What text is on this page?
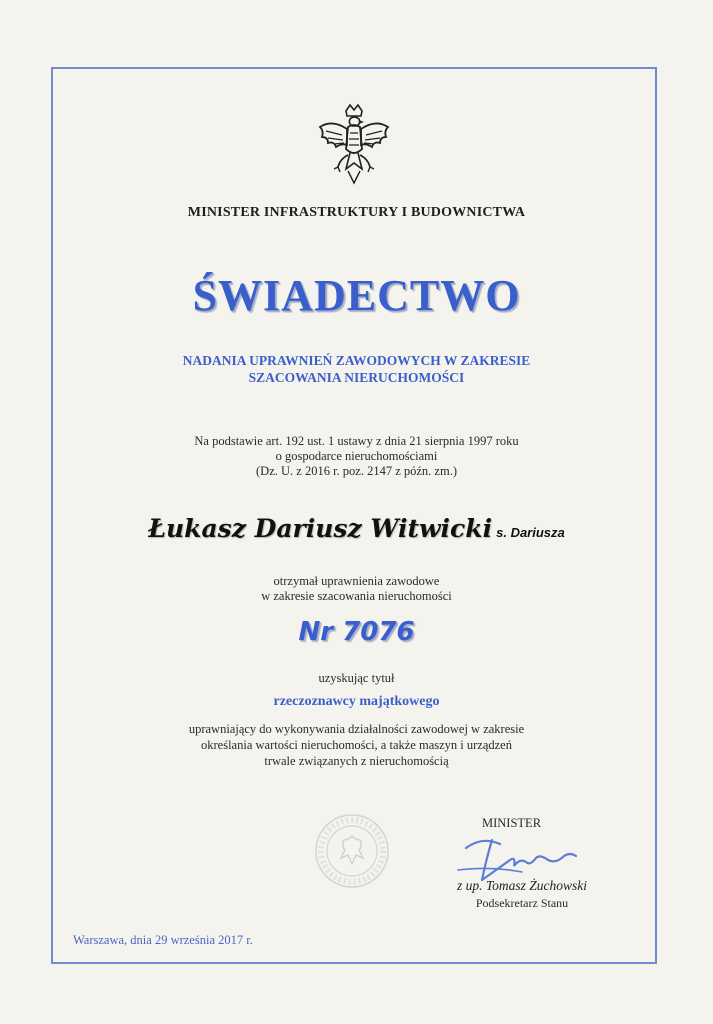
MINISTER INFRASTRUKTURY I BUDOWNICTWA
ŚWIADECTWO
NADANIA UPRAWNIEŃ ZAWODOWYCH W ZAKRESIE
SZACOWANIA NIERUCHOMOŚCI
Na podstawie art. 192 ust. 1 ustawy z dnia 21 sierpnia 1997 roku
o gospodarce nieruchomościami
(Dz. U. z 2016 r. poz. 2147 z późn. zm.)
Łukasz Dariusz Witwicki s. Dariusza
otrzymał uprawnienia zawodowe
w zakresie szacowania nieruchomości
Nr 7076
uzyskując tytuł
rzeczoznawcy majątkowego
uprawniający do wykonywania działalności zawodowej w zakresie
określania wartości nieruchomości, a także maszyn i urządzeń
trwale związanych z nieruchomością
MINISTER
z up. Tomasz Żuchowski
Podsekretarz Stanu
Warszawa, dnia 29 września 2017 r.
